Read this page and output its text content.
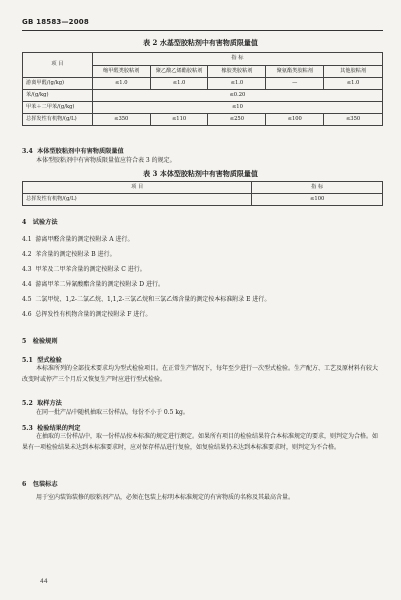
GB 18583—2008
表 2 水基型胶粘剂中有害物质限量值
项 目	指 标				
	缩甲醛类胶粘剂	聚乙酸乙烯酯胶粘剂	橡胶类胶粘剂	聚氨酯类胶粘剂	其他胶粘剂
游离甲醛/(g/kg)	≤1.0	≤1.0	≤1.0	—	≤1.0
苯/(g/kg)	≤0.20				
甲苯＋二甲苯/(g/kg)	≤10				
总挥发性有机物/(g/L)	≤350	≤110	≤250	≤100	≤350
3.4 本体型胶粘剂中有害物质限量值
本体型胶粘剂中有害物质限量值应符合表 3 的规定。
表 3 本体型胶粘剂中有害物质限量值
项 目	指 标
总挥发性有机物/(g/L)	≤100
4 试验方法
4.1 游离甲醛含量的测定按附录 A 进行。
4.2 苯含量的测定按附录 B 进行。
4.3 甲苯及二甲苯含量的测定按附录 C 进行。
4.4 游离甲苯二异氰酸酯含量的测定按附录 D 进行。
4.5 二氯甲烷、1,2-二氯乙烷、1,1,2-三氯乙烷和三氯乙烯含量的测定按本标准附录 E 进行。
4.6 总挥发性有机物含量的测定按附录 F 进行。
5 检验规则
5.1 型式检验
本标准所列的全部技术要求均为型式检验项目。在正常生产情况下，每年至少进行一次型式检验。生产配方、工艺及原材料有较大改变时或停产三个月后又恢复生产时应进行型式检验。
5.2 取样方法
在同一批产品中随机抽取三份样品，每份不小于 0.5 kg。
5.3 检验结果的判定
在抽取的三份样品中，取一份样品按本标准的规定进行测定。如果所有项目的检验结果符合本标准规定的要求，则判定为合格。如果有一项检验结果未达到本标准要求时，应对保存样品进行复验，如复验结果仍未达到本标准要求时，则判定为不合格。
6 包装标志
用于室内装饰装修的胶粘剂产品，必须在包装上标明本标准规定的有害物质的名称及其最高含量。
44
